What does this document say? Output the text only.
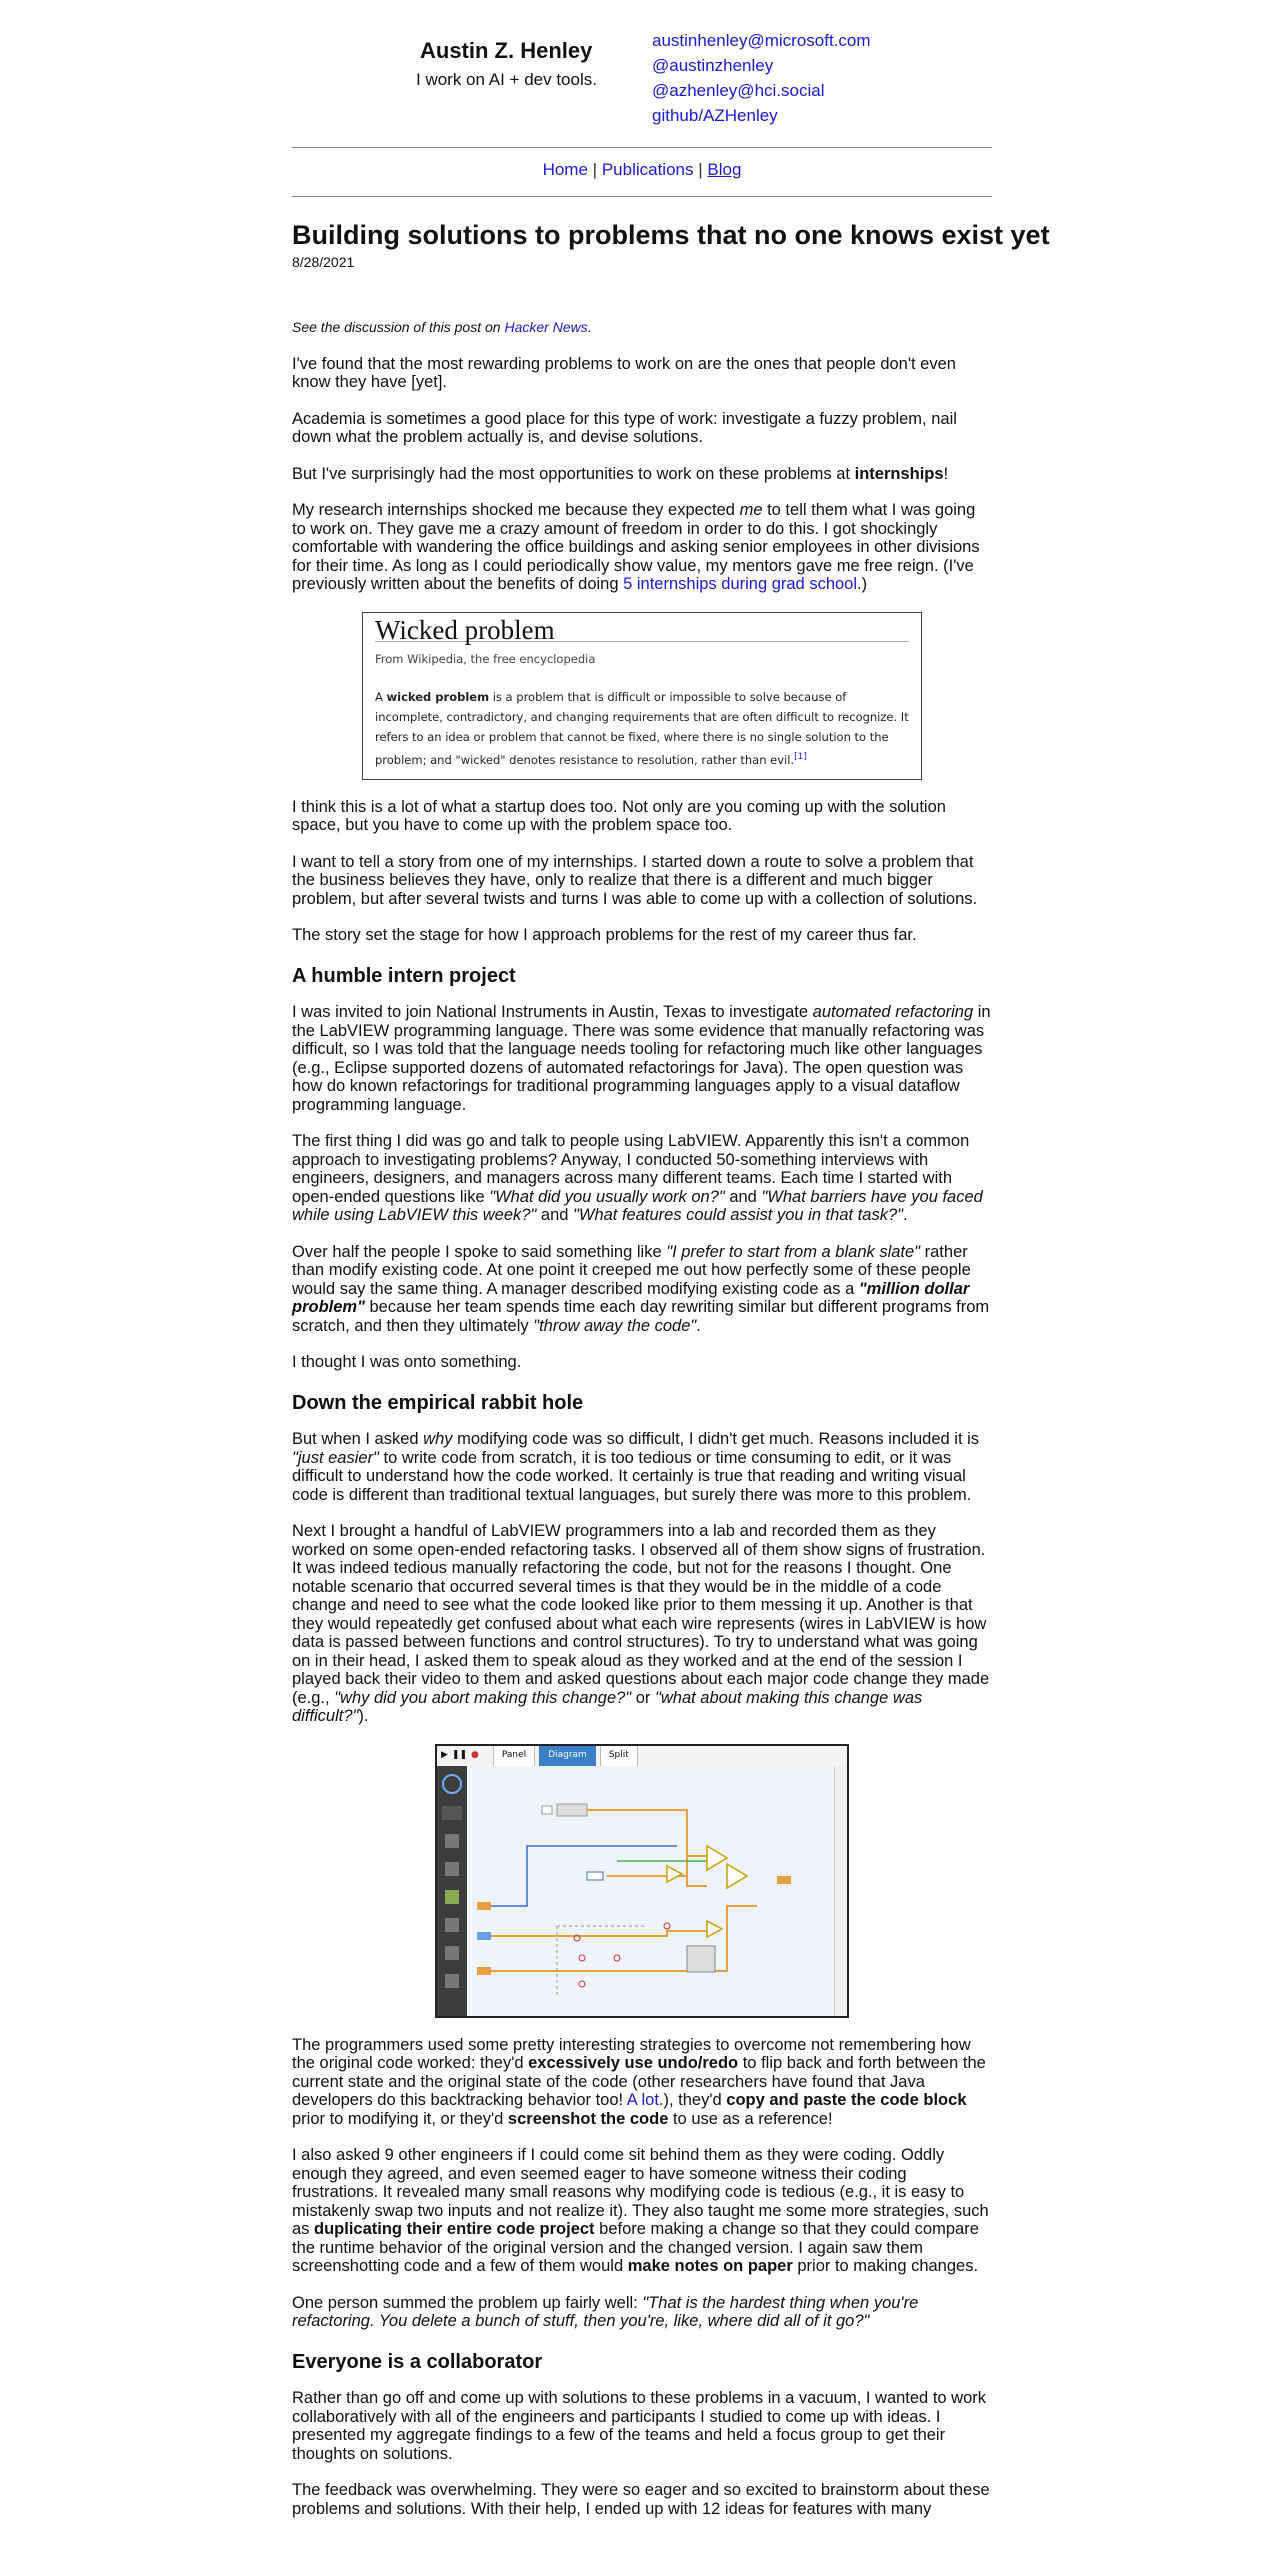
Austin Z. Henley
I work on AI + dev tools.
austinhenley@microsoft.com
@austinzhenley
@azhenley@hci.social
github/AZHenley
Home | Publications | Blog
Building solutions to problems that no one knows exist yet
8/28/2021

See the discussion of this post on Hacker News.

I've found that the most rewarding problems to work on are the ones that people don't even know they have [yet].

Academia is sometimes a good place for this type of work: investigate a fuzzy problem, nail down what the problem actually is, and devise solutions.

But I've surprisingly had the most opportunities to work on these problems at internships!

My research internships shocked me because they expected me to tell them what I was going to work on. They gave me a crazy amount of freedom in order to do this. I got shockingly comfortable with wandering the office buildings and asking senior employees in other divisions for their time. As long as I could periodically show value, my mentors gave me free reign. (I've previously written about the benefits of doing 5 internships during grad school.)

Wicked problem
From Wikipedia, the free encyclopedia
A wicked problem is a problem that is difficult or impossible to solve because of incomplete, contradictory, and changing requirements that are often difficult to recognize. It refers to an idea or problem that cannot be fixed, where there is no single solution to the problem; and "wicked" denotes resistance to resolution, rather than evil.[1]

I think this is a lot of what a startup does too. Not only are you coming up with the solution space, but you have to come up with the problem space too.

I want to tell a story from one of my internships. I started down a route to solve a problem that the business believes they have, only to realize that there is a different and much bigger problem, but after several twists and turns I was able to come up with a collection of solutions.

The story set the stage for how I approach problems for the rest of my career thus far.

A humble intern project

I was invited to join National Instruments in Austin, Texas to investigate automated refactoring in the LabVIEW programming language. There was some evidence that manually refactoring was difficult, so I was told that the language needs tooling for refactoring much like other languages (e.g., Eclipse supported dozens of automated refactorings for Java). The open question was how do known refactorings for traditional programming languages apply to a visual dataflow programming language.

The first thing I did was go and talk to people using LabVIEW. Apparently this isn't a common approach to investigating problems? Anyway, I conducted 50-something interviews with engineers, designers, and managers across many different teams. Each time I started with open-ended questions like "What did you usually work on?" and "What barriers have you faced while using LabVIEW this week?" and "What features could assist you in that task?".

Over half the people I spoke to said something like "I prefer to start from a blank slate" rather than modify existing code. At one point it creeped me out how perfectly some of these people would say the same thing. A manager described modifying existing code as a "million dollar problem" because her team spends time each day rewriting similar but different programs from scratch, and then they ultimately "throw away the code".

I thought I was onto something.

Down the empirical rabbit hole

But when I asked why modifying code was so difficult, I didn't get much. Reasons included it is "just easier" to write code from scratch, it is too tedious or time consuming to edit, or it was difficult to understand how the code worked. It certainly is true that reading and writing visual code is different than traditional textual languages, but surely there was more to this problem.

Next I brought a handful of LabVIEW programmers into a lab and recorded them as they worked on some open-ended refactoring tasks. I observed all of them show signs of frustration. It was indeed tedious manually refactoring the code, but not for the reasons I thought. One notable scenario that occurred several times is that they would be in the middle of a code change and need to see what the code looked like prior to them messing it up. Another is that they would repeatedly get confused about what each wire represents (wires in LabVIEW is how data is passed between functions and control structures). To try to understand what was going on in their head, I asked them to speak aloud as they worked and at the end of the session I played back their video to them and asked questions about each major code change they made (e.g., "why did you abort making this change?" or "what about making this change was difficult?").

▶ ❚❚ ●	Panel	Diagram	Split

The programmers used some pretty interesting strategies to overcome not remembering how the original code worked: they'd excessively use undo/redo to flip back and forth between the current state and the original state of the code (other researchers have found that Java developers do this backtracking behavior too! A lot.), they'd copy and paste the code block prior to modifying it, or they'd screenshot the code to use as a reference!

I also asked 9 other engineers if I could come sit behind them as they were coding. Oddly enough they agreed, and even seemed eager to have someone witness their coding frustrations. It revealed many small reasons why modifying code is tedious (e.g., it is easy to mistakenly swap two inputs and not realize it). They also taught me some more strategies, such as duplicating their entire code project before making a change so that they could compare the runtime behavior of the original version and the changed version. I again saw them screenshotting code and a few of them would make notes on paper prior to making changes.

One person summed the problem up fairly well: "That is the hardest thing when you're refactoring. You delete a bunch of stuff, then you're, like, where did all of it go?"

Everyone is a collaborator

Rather than go off and come up with solutions to these problems in a vacuum, I wanted to work collaboratively with all of the engineers and participants I studied to come up with ideas. I presented my aggregate findings to a few of the teams and held a focus group to get their thoughts on solutions.

The feedback was overwhelming. They were so eager and so excited to brainstorm about these problems and solutions. With their help, I ended up with 12 ideas for features with many
